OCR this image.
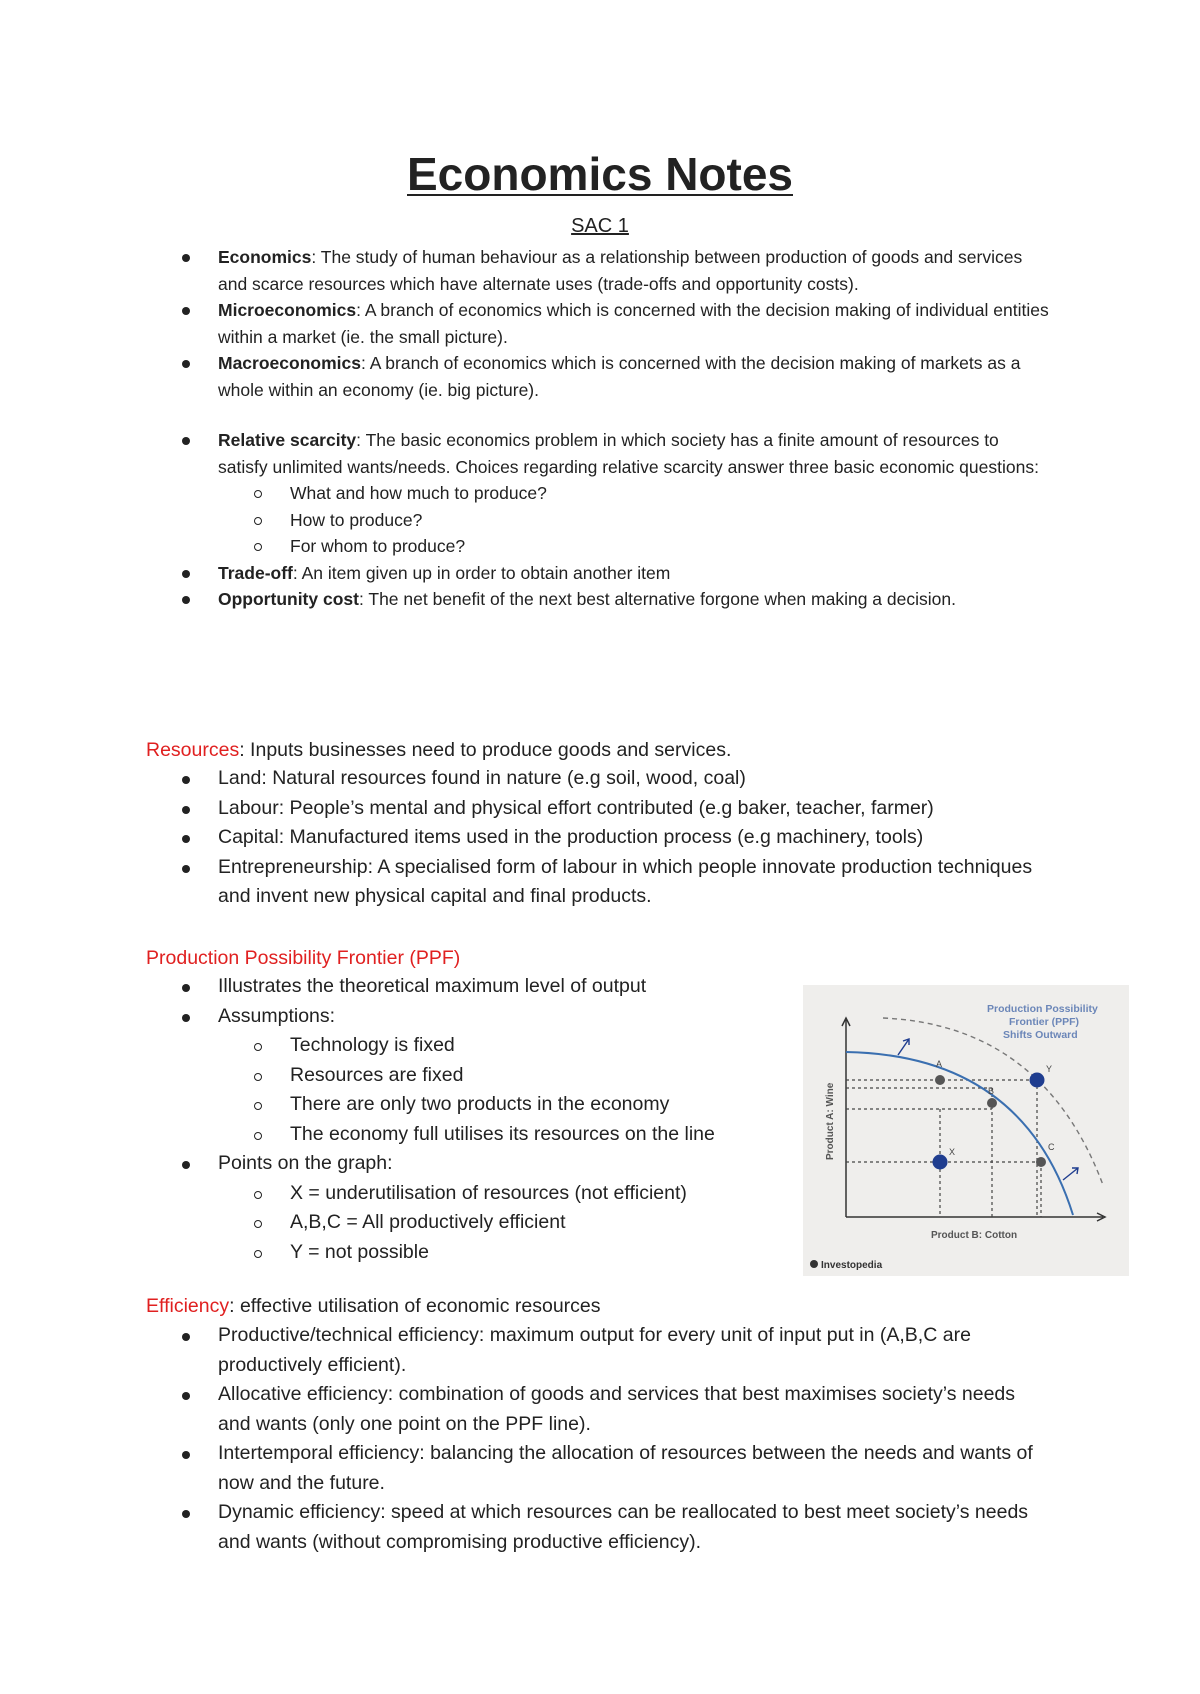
Economics Notes
SAC 1
Economics: The study of human behaviour as a relationship between production of goods and services and scarce resources which have alternate uses (trade-offs and opportunity costs).
Microeconomics: A branch of economics which is concerned with the decision making of individual entities within a market (ie. the small picture).
Macroeconomics: A branch of economics which is concerned with the decision making of markets as a whole within an economy (ie. big picture).
Relative scarcity: The basic economics problem in which society has a finite amount of resources to satisfy unlimited wants/needs. Choices regarding relative scarcity answer three basic economic questions:
What and how much to produce?
How to produce?
For whom to produce?
Trade-off: An item given up in order to obtain another item
Opportunity cost: The net benefit of the next best alternative forgone when making a decision.
Resources: Inputs businesses need to produce goods and services.
Land: Natural resources found in nature (e.g soil, wood, coal)
Labour: People’s mental and physical effort contributed (e.g baker, teacher, farmer)
Capital: Manufactured items used in the production process (e.g machinery, tools)
Entrepreneurship: A specialised form of labour in which people innovate production techniques and invent new physical capital and final products.
Production Possibility Frontier (PPF)
Illustrates the theoretical maximum level of output
Assumptions:
Technology is fixed
Resources are fixed
There are only two products in the economy
The economy full utilises its resources on the line
Points on the graph:
X = underutilisation of resources (not efficient)
A,B,C = All productively efficient
Y = not possible
A
B
C
Y
X
Production Possibility
Frontier (PPF)
Shifts Outward
Product A: Wine
Product B: Cotton
Investopedia
Efficiency: effective utilisation of economic resources
Productive/technical efficiency: maximum output for every unit of input put in (A,B,C are productively efficient).
Allocative efficiency: combination of goods and services that best maximises society’s needs and wants (only one point on the PPF line).
Intertemporal efficiency: balancing the allocation of resources between the needs and wants of now and the future.
Dynamic efficiency: speed at which resources can be reallocated to best meet society’s needs and wants (without compromising productive efficiency).
